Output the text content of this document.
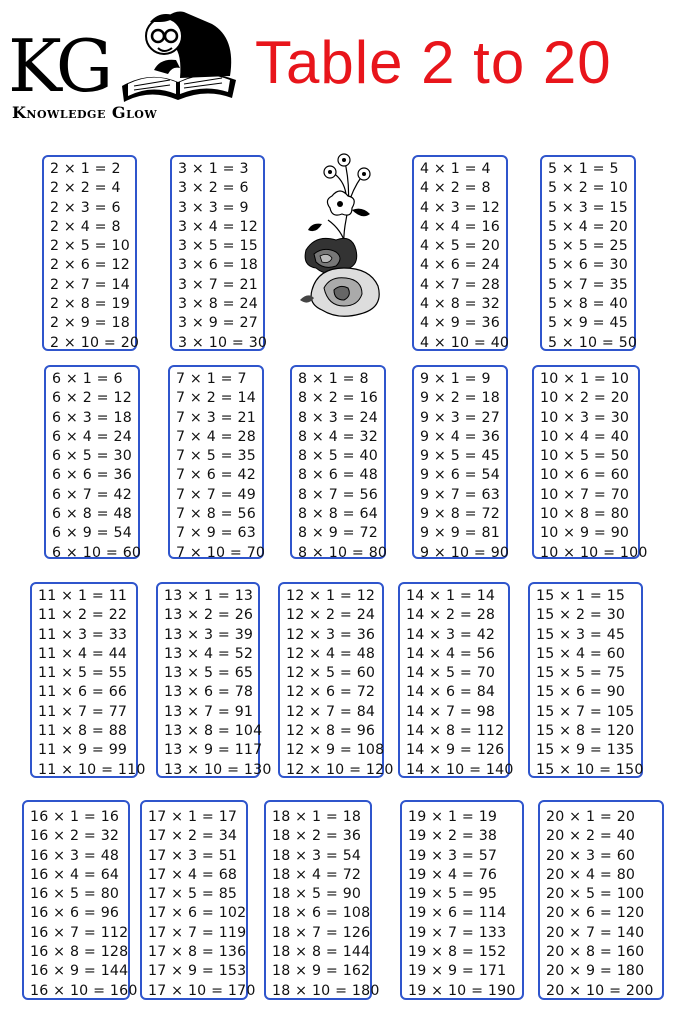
KG
Knowledge Glow
Table 2 to 20
2 × 1 = 2
2 × 2 = 4
2 × 3 = 6
2 × 4 = 8
2 × 5 = 10
2 × 6 = 12
2 × 7 = 14
2 × 8 = 19
2 × 9 = 18
2 × 10 = 20
3 × 1 = 3
3 × 2 = 6
3 × 3 = 9
3 × 4 = 12
3 × 5 = 15
3 × 6 = 18
3 × 7 = 21
3 × 8 = 24
3 × 9 = 27
3 × 10 = 30
4 × 1 = 4
4 × 2 = 8
4 × 3 = 12
4 × 4 = 16
4 × 5 = 20
4 × 6 = 24
4 × 7 = 28
4 × 8 = 32
4 × 9 = 36
4 × 10 = 40
5 × 1 = 5
5 × 2 = 10
5 × 3 = 15
5 × 4 = 20
5 × 5 = 25
5 × 6 = 30
5 × 7 = 35
5 × 8 = 40
5 × 9 = 45
5 × 10 = 50
6 × 1 = 6
6 × 2 = 12
6 × 3 = 18
6 × 4 = 24
6 × 5 = 30
6 × 6 = 36
6 × 7 = 42
6 × 8 = 48
6 × 9 = 54
6 × 10 = 60
7 × 1 = 7
7 × 2 = 14
7 × 3 = 21
7 × 4 = 28
7 × 5 = 35
7 × 6 = 42
7 × 7 = 49
7 × 8 = 56
7 × 9 = 63
7 × 10 = 70
8 × 1 = 8
8 × 2 = 16
8 × 3 = 24
8 × 4 = 32
8 × 5 = 40
8 × 6 = 48
8 × 7 = 56
8 × 8 = 64
8 × 9 = 72
8 × 10 = 80
9 × 1 = 9
9 × 2 = 18
9 × 3 = 27
9 × 4 = 36
9 × 5 = 45
9 × 6 = 54
9 × 7 = 63
9 × 8 = 72
9 × 9 = 81
9 × 10 = 90
10 × 1 = 10
10 × 2 = 20
10 × 3 = 30
10 × 4 = 40
10 × 5 = 50
10 × 6 = 60
10 × 7 = 70
10 × 8 = 80
10 × 9 = 90
10 × 10 = 100
11 × 1 = 11
11 × 2 = 22
11 × 3 = 33
11 × 4 = 44
11 × 5 = 55
11 × 6 = 66
11 × 7 = 77
11 × 8 = 88
11 × 9 = 99
11 × 10 = 110
13 × 1 = 13
13 × 2 = 26
13 × 3 = 39
13 × 4 = 52
13 × 5 = 65
13 × 6 = 78
13 × 7 = 91
13 × 8 = 104
13 × 9 = 117
13 × 10 = 130
12 × 1 = 12
12 × 2 = 24
12 × 3 = 36
12 × 4 = 48
12 × 5 = 60
12 × 6 = 72
12 × 7 = 84
12 × 8 = 96
12 × 9 = 108
12 × 10 = 120
14 × 1 = 14
14 × 2 = 28
14 × 3 = 42
14 × 4 = 56
14 × 5 = 70
14 × 6 = 84
14 × 7 = 98
14 × 8 = 112
14 × 9 = 126
14 × 10 = 140
15 × 1 = 15
15 × 2 = 30
15 × 3 = 45
15 × 4 = 60
15 × 5 = 75
15 × 6 = 90
15 × 7 = 105
15 × 8 = 120
15 × 9 = 135
15 × 10 = 150
16 × 1 = 16
16 × 2 = 32
16 × 3 = 48
16 × 4 = 64
16 × 5 = 80
16 × 6 = 96
16 × 7 = 112
16 × 8 = 128
16 × 9 = 144
16 × 10 = 160
17 × 1 = 17
17 × 2 = 34
17 × 3 = 51
17 × 4 = 68
17 × 5 = 85
17 × 6 = 102
17 × 7 = 119
17 × 8 = 136
17 × 9 = 153
17 × 10 = 170
18 × 1 = 18
18 × 2 = 36
18 × 3 = 54
18 × 4 = 72
18 × 5 = 90
18 × 6 = 108
18 × 7 = 126
18 × 8 = 144
18 × 9 = 162
18 × 10 = 180
19 × 1 = 19
19 × 2 = 38
19 × 3 = 57
19 × 4 = 76
19 × 5 = 95
19 × 6 = 114
19 × 7 = 133
19 × 8 = 152
19 × 9 = 171
19 × 10 = 190
20 × 1 = 20
20 × 2 = 40
20 × 3 = 60
20 × 4 = 80
20 × 5 = 100
20 × 6 = 120
20 × 7 = 140
20 × 8 = 160
20 × 9 = 180
20 × 10 = 200
